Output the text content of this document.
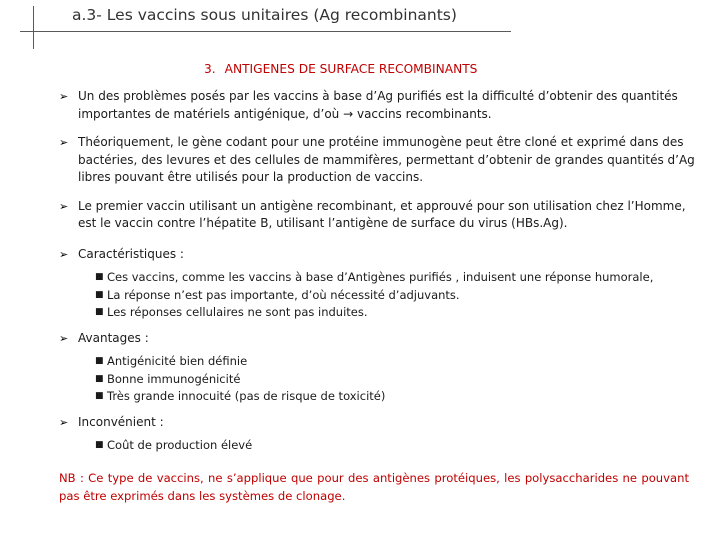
a.3- Les vaccins sous unitaires (Ag recombinants)
3. ANTIGENES DE SURFACE RECOMBINANTS
➢ Un des problèmes posés par les vaccins à base d’Ag purifiés est la difficulté d’obtenir des quantités importantes de matériels antigénique, d’où → vaccins recombinants.
➢ Théoriquement, le gène codant pour une protéine immunogène peut être cloné et exprimé dans des bactéries, des levures et des cellules de mammifères, permettant d’obtenir de grandes quantités d’Ag libres pouvant être utilisés pour la production de vaccins.
➢ Le premier vaccin utilisant un antigène recombinant, et approuvé pour son utilisation chez l’Homme, est le vaccin contre l’hépatite B, utilisant l’antigène de surface du virus (HBs.Ag).
➢ Caractéristiques :
■ Ces vaccins, comme les vaccins à base d’Antigènes purifiés , induisent une réponse humorale,
■ La réponse n’est pas importante, d’où nécessité d’adjuvants.
■ Les réponses cellulaires ne sont pas induites.
➢ Avantages :
■ Antigénicité bien définie
■ Bonne immunogénicité
■ Très grande innocuité (pas de risque de toxicité)
➢ Inconvénient :
■ Coût de production élevé
NB : Ce type de vaccins, ne s’applique que pour des antigènes protéiques, les polysaccharides ne pouvant pas être exprimés dans les systèmes de clonage.
